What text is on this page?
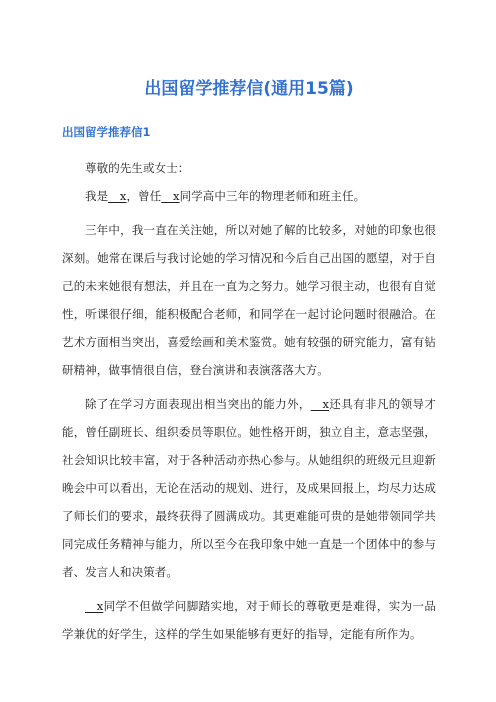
出国留学推荐信(通用15篇)
出国留学推荐信1

尊敬的先生或女士：

我是__x，曾任__x同学高中三年的物理老师和班主任。

三年中，我一直在关注她，所以对她了解的比较多，对她的印象也很深刻。她常在课后与我讨论她的学习情况和今后自己出国的愿望，对于自己的未来她很有想法，并且在一直为之努力。她学习很主动，也很有自觉性，听课很仔细，能积极配合老师，和同学在一起讨论问题时很融洽。在艺术方面相当突出，喜爱绘画和美术鉴赏。她有较强的研究能力，富有钻研精神，做事情很自信，登台演讲和表演落落大方。

除了在学习方面表现出相当突出的能力外，__x还具有非凡的领导才能，曾任副班长、组织委员等职位。她性格开朗，独立自主，意志坚强，社会知识比较丰富，对于各种活动亦热心参与。从她组织的班级元旦迎新晚会中可以看出，无论在活动的规划、进行，及成果回报上，均尽力达成了师长们的要求，最终获得了圆满成功。其更难能可贵的是她带领同学共同完成任务精神与能力，所以至今在我印象中她一直是一个团体中的参与者、发言人和决策者。

__x同学不但做学问脚踏实地，对于师长的尊敬更是难得，实为一品学兼优的好学生，这样的学生如果能够有更好的指导，定能有所作为。
